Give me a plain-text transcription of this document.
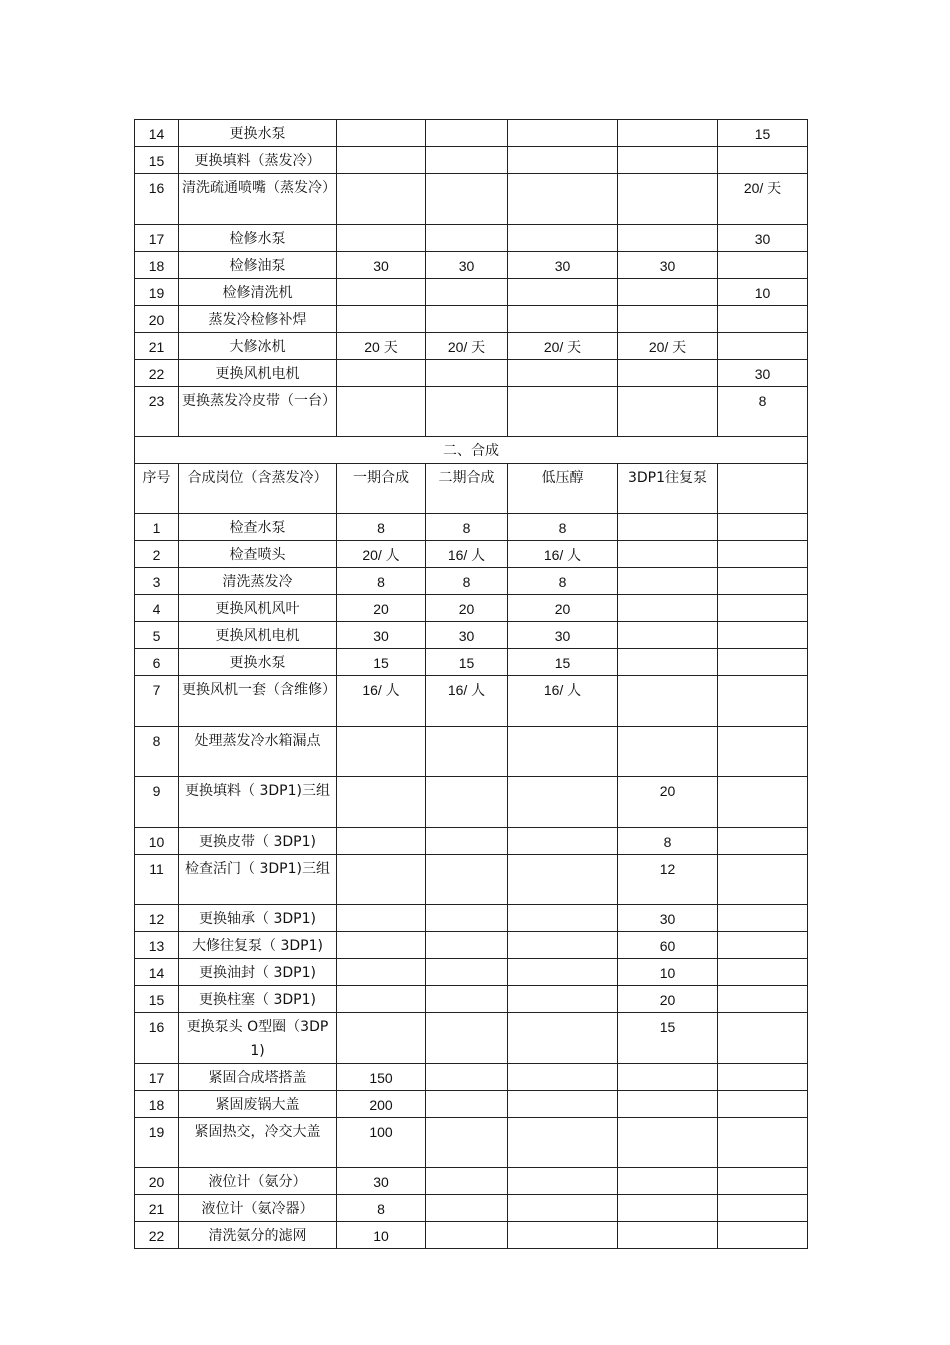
14	更换水泵					15
15	更换填料（蒸发冷）					
16	清洗疏通喷嘴（蒸发冷）					20/ 天
17	检修水泵					30
18	检修油泵	30	30	30	30	
19	检修清洗机					10
20	蒸发冷检修补焊					
21	大修冰机	20 天	20/ 天	20/ 天	20/ 天	
22	更换风机电机					30
23	更换蒸发冷皮带（一台）					8
二、合成						
序号	合成岗位（含蒸发冷）	一期合成	二期合成	低压醇	3DP1往复泵	
1	检查水泵	8	8	8		
2	检查喷头	20/ 人	16/ 人	16/ 人		
3	清洗蒸发冷	8	8	8		
4	更换风机风叶	20	20	20		
5	更换风机电机	30	30	30		
6	更换水泵	15	15	15		
7	更换风机一套（含维修）	16/ 人	16/ 人	16/ 人		
8	处理蒸发冷水箱漏点					
9	更换填料（ 3DP1)三组				20	
10	更换皮带（ 3DP1)				8	
11	检查活门（ 3DP1)三组				12	
12	更换轴承（ 3DP1)				30	
13	大修往复泵（ 3DP1)				60	
14	更换油封（ 3DP1)				10	
15	更换柱塞（ 3DP1)				20	
16	更换泵头 O型圈（3DP1)				15	
17	紧固合成塔搭盖	150				
18	紧固废锅大盖	200				
19	紧固热交，冷交大盖	100				
20	液位计（氨分）	30				
21	液位计（氨冷器）	8				
22	清洗氨分的滤网	10				
